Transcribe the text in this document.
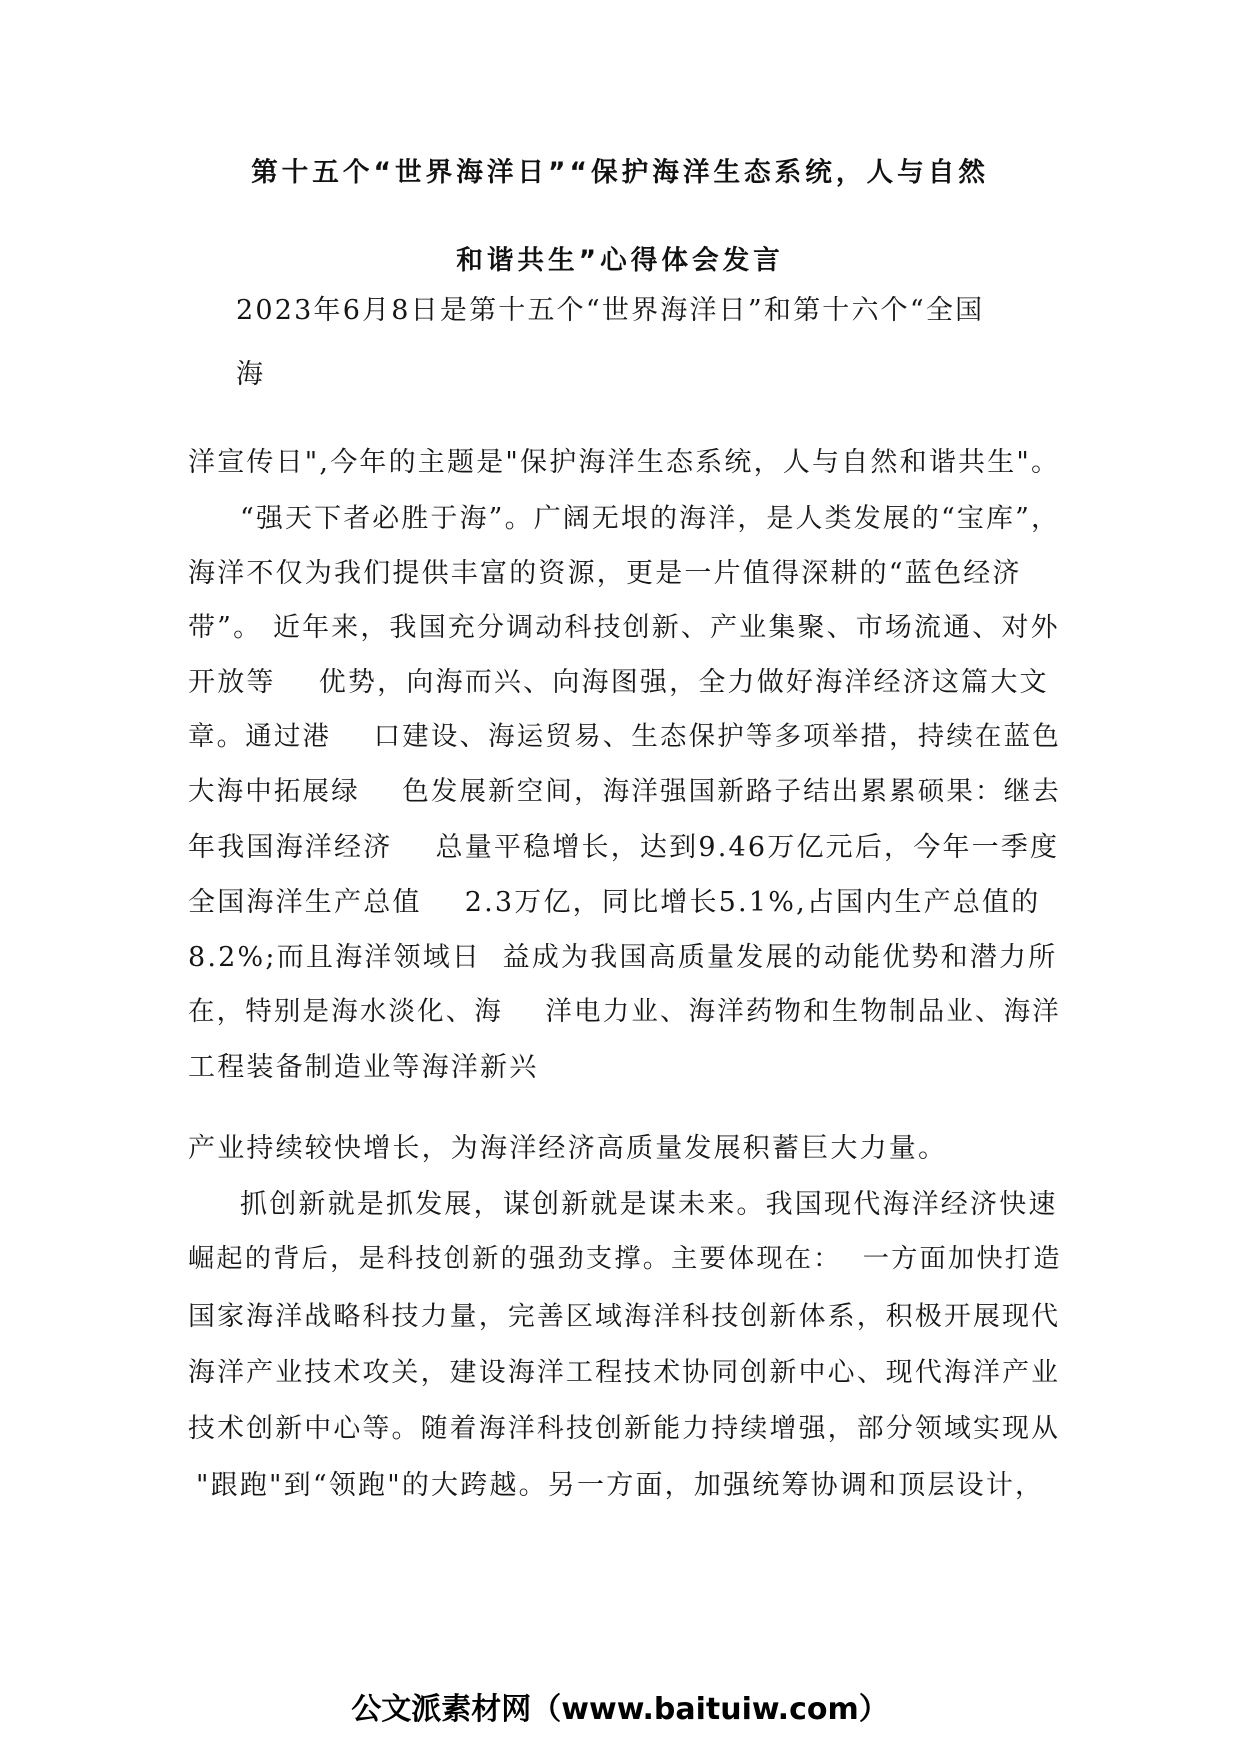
第十五个“世界海洋日”“保护海洋生态系统，人与自然
和谐共生”心得体会发言
2023年6月8日是第十五个“世界海洋日”和第十六个“全国
海
洋宣传日",今年的主题是"保护海洋生态系统，人与自然和谐共生"。
“强天下者必胜于海”。广阔无垠的海洋，是人类发展的“宝库”，
海洋不仅为我们提供丰富的资源，更是一片值得深耕的“蓝色经济
带”。 近年来，我国充分调动科技创新、产业集聚、市场流通、对外
开放等    优势，向海而兴、向海图强，全力做好海洋经济这篇大文
章。通过港    口建设、海运贸易、生态保护等多项举措，持续在蓝色
大海中拓展绿    色发展新空间，海洋强国新路子结出累累硕果：继去
年我国海洋经济    总量平稳增长，达到9.46万亿元后，今年一季度
全国海洋生产总值    2.3万亿，同比增长5.1%,占国内生产总值的
8.2%;而且海洋领域日  益成为我国高质量发展的动能优势和潜力所
在，特别是海水淡化、海    洋电力业、海洋药物和生物制品业、海洋
工程装备制造业等海洋新兴
产业持续较快增长，为海洋经济高质量发展积蓄巨大力量。
抓创新就是抓发展，谋创新就是谋未来。我国现代海洋经济快速
崛起的背后，是科技创新的强劲支撑。主要体现在：  一方面加快打造
国家海洋战略科技力量，完善区域海洋科技创新体系，积极开展现代
海洋产业技术攻关，建设海洋工程技术协同创新中心、现代海洋产业
技术创新中心等。随着海洋科技创新能力持续增强，部分领域实现从
"跟跑"到“领跑"的大跨越。另一方面，加强统筹协调和顶层设计，
公文派素材网（www.baituiw.com）
